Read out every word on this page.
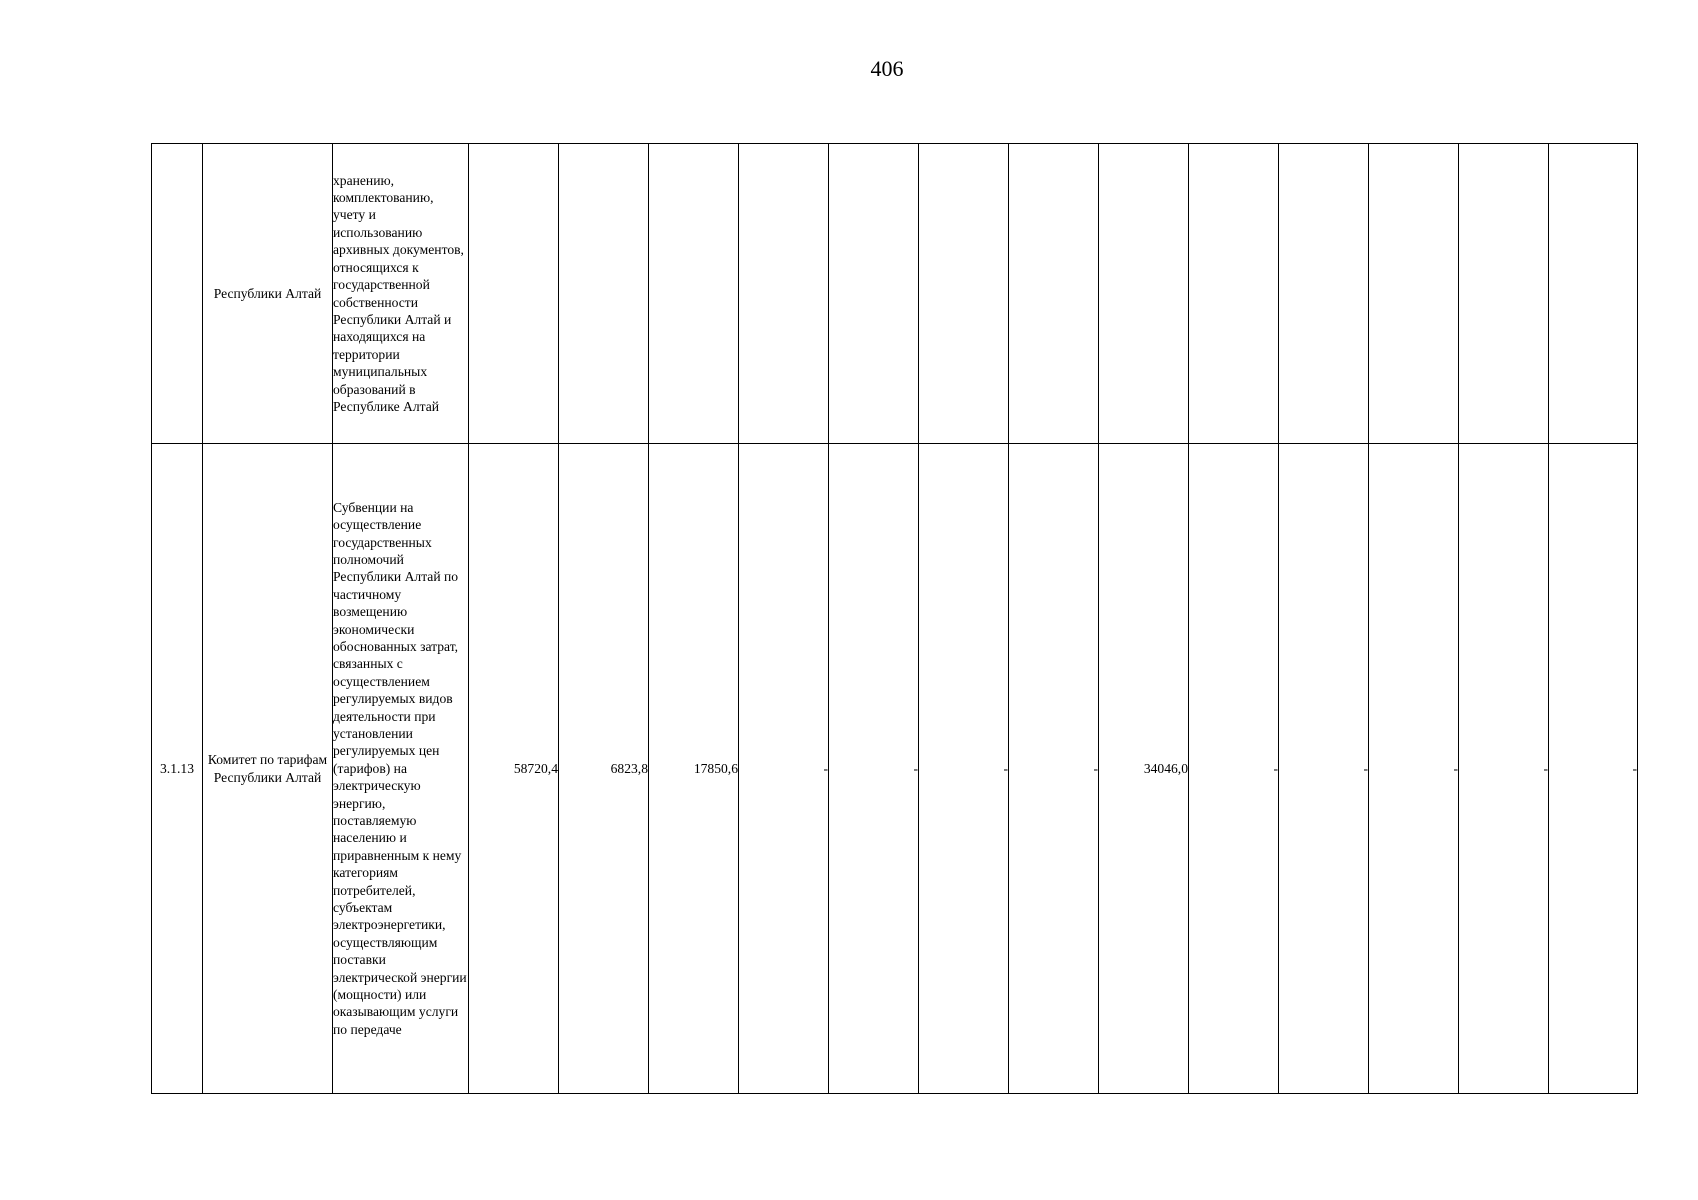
406
	Республики Алтай	хранению, комплектованию, учету и использованию архивных документов, относящихся к государственной собственности Республики Алтай и находящихся на территории муниципальных образований в Республике Алтай													
3.1.13	Комитет по тарифам Республики Алтай	Субвенции на осуществление государственных полномочий Республики Алтай по частичному возмещению экономически обоснованных затрат, связанных с осуществлением регулируемых видов деятельности при установлении регулируемых цен (тарифов) на электрическую энергию, поставляемую населению и приравненным к нему категориям потребителей, субъектам электроэнергетики, осуществляющим поставки электрической энергии (мощности) или оказывающим услуги по передаче	58720,4	6823,8	17850,6	-	-	-	-	34046,0	-	-	-	-	-
